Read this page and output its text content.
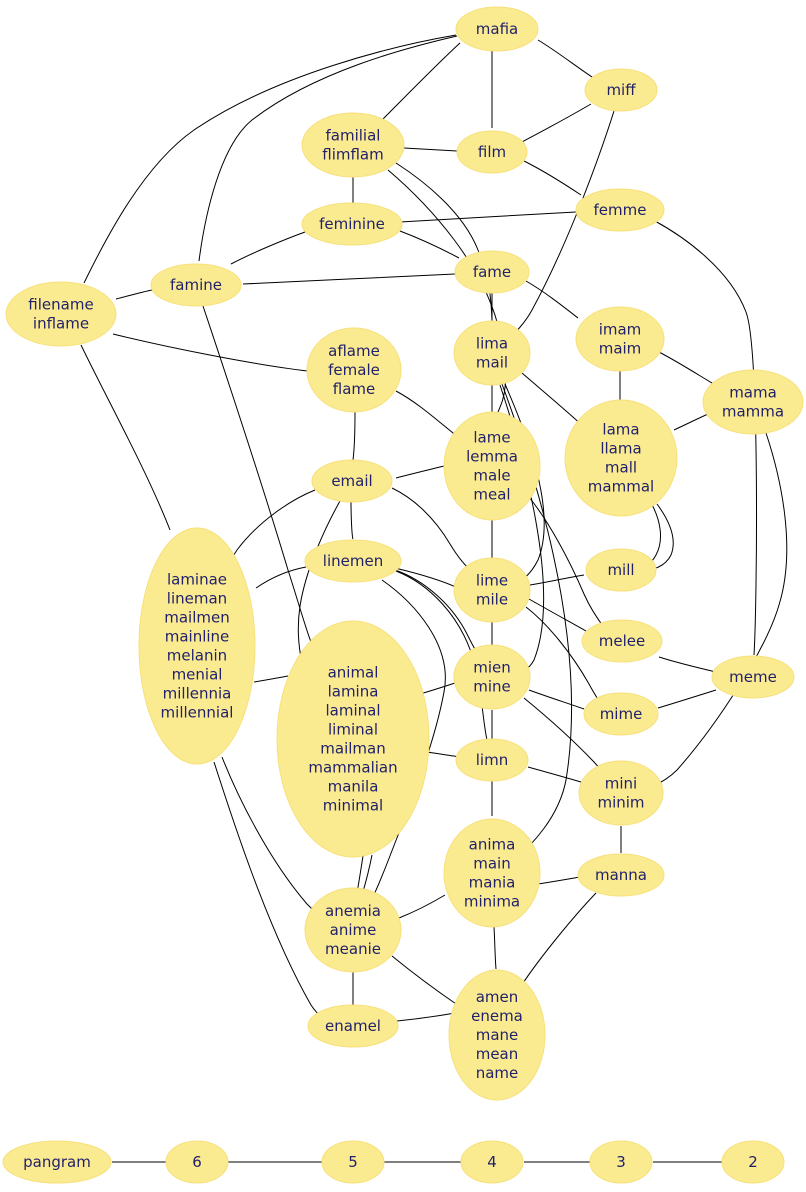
mafia
miff
familial flimflam	film
femme
feminine
fame
famine
filename inflame	imam maim
aflame female flame
lima mail
mama mamma
lame lemma male meal
lama llama mall mammal
email
linemen	mill
lime mile
laminae lineman mailmen mainline melanin menial millennia millennial
melee
animal lamina laminal liminal mailman mammalian manila minimal
mien mine
meme
mime
limn
mini minim
anima main mania minima
manna
anemia anime meanie
amen enema mane mean name
enamel
pangram	6	5	4	3	2
